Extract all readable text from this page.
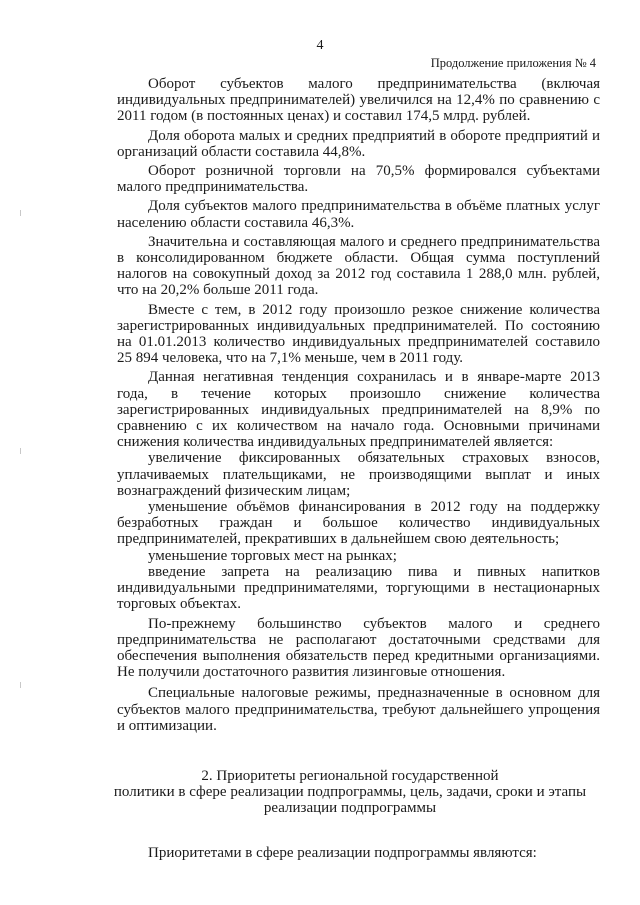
4
Продолжение приложения № 4

Оборот субъектов малого предпринимательства (включая индивидуальных предпринимателей) увеличился на 12,4% по сравнению с 2011 годом (в постоянных ценах) и составил 174,5 млрд. рублей.

Доля оборота малых и средних предприятий в обороте предприятий и организаций области составила 44,8%.

Оборот розничной торговли на 70,5% формировался субъектами малого предпринимательства.

Доля субъектов малого предпринимательства в объёме платных услуг населению области составила 46,3%.

Значительна и составляющая малого и среднего предпринимательства в консолидированном бюджете области. Общая сумма поступлений налогов на совокупный доход за 2012 год составила 1 288,0 млн. рублей, что на 20,2% больше 2011 года.

Вместе с тем, в 2012 году произошло резкое снижение количества зарегистрированных индивидуальных предпринимателей. По состоянию на 01.01.2013 количество индивидуальных предпринимателей составило 25 894 человека, что на 7,1% меньше, чем в 2011 году.

Данная негативная тенденция сохранилась и в январе-марте 2013 года, в течение которых произошло снижение количества зарегистрированных индивидуальных предпринимателей на 8,9% по сравнению с их количеством на начало года. Основными причинами снижения количества индивидуальных предпринимателей является:

увеличение фиксированных обязательных страховых взносов, уплачиваемых плательщиками, не производящими выплат и иных вознаграждений физическим лицам;

уменьшение объёмов финансирования в 2012 году на поддержку безработных граждан и большое количество индивидуальных предпринимателей, прекративших в дальнейшем свою деятельность;

уменьшение торговых мест на рынках;

введение запрета на реализацию пива и пивных напитков индивидуальными предпринимателями, торгующими в нестационарных торговых объектах.

По-прежнему большинство субъектов малого и среднего предпринимательства не располагают достаточными средствами для обеспечения выполнения обязательств перед кредитными организациями. Не получили достаточного развития лизинговые отношения.

Специальные налоговые режимы, предназначенные в основном для субъектов малого предпринимательства, требуют дальнейшего упрощения и оптимизации.

2. Приоритеты региональной государственной
политики в сфере реализации подпрограммы, цель, задачи, сроки и этапы
реализации подпрограммы
Приоритетами в сфере реализации подпрограммы являются:
